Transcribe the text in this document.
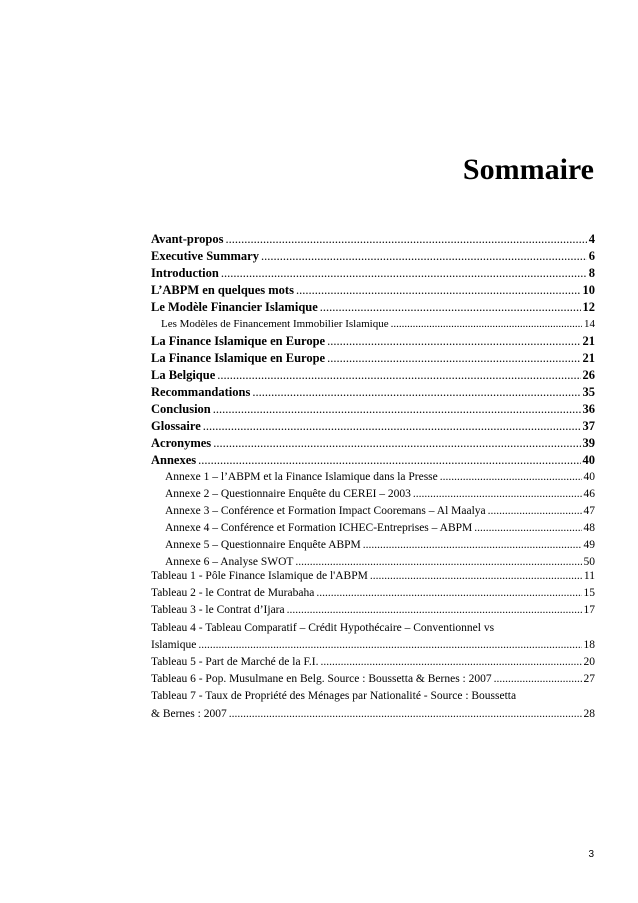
Sommaire
Avant-propos .....	4
Executive Summary .....	6
Introduction .....	8
L’ABPM en quelques mots .....	10
Le Modèle Financier Islamique .....	12
Les Modèles de Financement Immobilier Islamique .....	14
La Finance Islamique en Europe .....	21
La Finance Islamique en Europe .....	21
La Belgique .....	26
Recommandations .....	35
Conclusion .....	36
Glossaire .....	37
Acronymes .....	39
Annexes .....	40
Annexe 1 – l’ABPM et la Finance Islamique dans la Presse .....	40
Annexe 2 – Questionnaire Enquête du CEREI – 2003 .....	46
Annexe 3 – Conférence et Formation Impact Cooremans – Al Maalya .....	47
Annexe 4 – Conférence et Formation ICHEC-Entreprises – ABPM .....	48
Annexe 5 – Questionnaire Enquête ABPM .....	49
Annexe 6 – Analyse SWOT .....	50
Tableau 1 - Pôle Finance Islamique de l'ABPM .....	11
Tableau 2 - le Contrat de Murabaha .....	15
Tableau 3 - le Contrat d’Ijara .....	17
Tableau 4 - Tableau Comparatif – Crédit Hypothécaire – Conventionnel vs
Islamique .....	18
Tableau 5 - Part de Marché de la F.I. .....	20
Tableau 6 - Pop. Musulmane en Belg. Source : Boussetta & Bernes : 2007 .....	27
Tableau 7 - Taux de Propriété des Ménages par Nationalité - Source : Boussetta
& Bernes : 2007 .....	28
3
